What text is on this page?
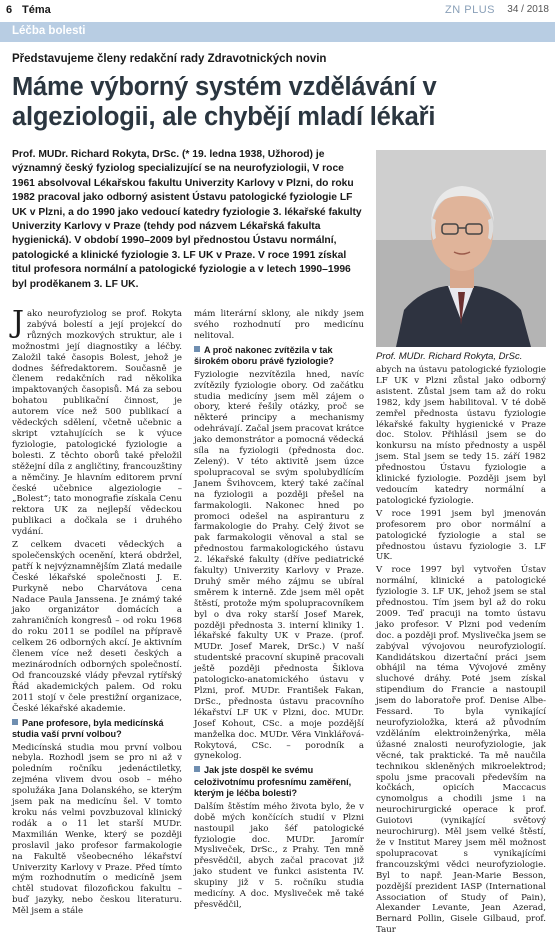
6 Téma	ZN PLUS 34 / 2018
Léčba bolesti
Představujeme členy redakční rady Zdravotnických novin
Máme výborný systém vzdělávání v algeziologii, ale chybějí mladí lékaři
Prof. MUDr. Richard Rokyta, DrSc. (* 19. ledna 1938, Užhorod) je významný český fyziolog specializující se na neurofyziologii, V roce 1961 absolvoval Lékařskou fakultu Univerzity Karlovy v Plzni, do roku 1982 pracoval jako odborný asistent Ústavu patologické fyziologie LF UK v Plzni, a do 1990 jako vedoucí katedry fyziologie 3. lékařské fakulty Univerzity Karlovy v Praze (tehdy pod názvem Lékařská fakulta hygienická). V období 1990–2009 byl přednostou Ústavu normální, patologické a klinické fyziologie 3. LF UK v Praze. V roce 1991 získal titul profesora normální a patologické fyziologie a v letech 1990–1996 byl proděkanem 3. LF UK.
Prof. MUDr. Richard Rokyta, DrSc.

Jako neurofyziolog se prof. Rokyta zabývá bolestí a její projekcí do různých mozkových struktur, ale i možnostmi její diagnostiky a léčby. Založil také časopis Bolest, jehož je dodnes šéfredaktorem. Současně je členem redakčních rad několika impaktovaných časopisů. Má za sebou bohatou publikační činnost, je autorem více než 500 publikací a vědeckých sdělení, včetně učebnic a skript vztahujících se k výuce fyziologie, patologické fyziologie a bolesti. Z těchto oborů také přeložil stěžejní díla z angličtiny, francouzštiny a němčiny. Je hlavním editorem první české učebnice algeziologie – „Bolest“; tato monografie získala Cenu rektora UK za nejlepší vědeckou publikaci a dočkala se i druhého vydání.

Z celkem dvaceti vědeckých a společenských ocenění, která obdržel, patří k nejvýznamnějším Zlatá medaile České lékařské společnosti J. E. Purkyně nebo Charvátova cena Nadace Paula Janssena. Je známý také jako organizátor domácích a zahraničních kongresů – od roku 1968 do roku 2011 se podílel na přípravě celkem 26 odborných akcí. Je aktivním členem více než deseti českých a mezinárodních odborných společností. Od francouzské vlády převzal rytířský Řád akademických palem. Od roku 2011 stojí v čele prestižní organizace, České lékařské akademie.

Pane profesore, byla medicínská studia vaší první volbou?

Medicínská studia mou první volbou nebyla. Rozhodl jsem se pro ni až v poledním ročníku jedenáctiletky, zejména vlivem dvou osob – mého spolužáka Jana Dolanského, se kterým jsem pak na medicínu šel. V tomto kroku nás velmi povzbuzoval klinický rodák a o 11 let starší MUDr. Maxmilián Wenke, který se později proslavil jako profesor farmakologie na Fakultě všeobecného lékařství Univerzity Karlovy v Praze. Před tímto mým rozhodnutím o medicíně jsem chtěl studovat filozofickou fakultu – buď jazyky, nebo českou literaturu. Měl jsem a stále

mám literární sklony, ale nikdy jsem svého rozhodnutí pro medicínu nelitoval.

A proč nakonec zvítězila v tak širokém oboru právě fyziologie?

Fyziologie nezvítězila hned, navíc zvítězily fyziologie obory. Od začátku studia medicíny jsem měl zájem o obory, které řešily otázky, proč se některé principy a mechanismy odehrávají. Začal jsem pracovat krátce jako demonstrátor a pomocná vědecká síla na fyziologii (přednosta doc. Zelený). V této aktivitě jsem úzce spolupracoval se svým spolubydlícím Janem Švihovcem, který také začínal na fyziologii a později přešel na farmakologii. Nakonec hned po promoci odešel na aspiranturu z farmakologie do Prahy. Celý život se pak farmakologii věnoval a stal se přednostou farmakologického ústavu 2. lékařské fakulty (dříve pediatrické fakulty) Univerzity Karlovy v Praze. Druhý směr mého zájmu se ubíral směrem k interně. Zde jsem měl opět štěstí, protože mým spolupracovníkem byl o dva roky starší Josef Marek, později přednosta 3. interní kliniky 1. lékařské fakulty UK v Praze. (prof. MUDr. Josef Marek, DrSc.) V naší studentské pracovní skupině pracovali ještě později přednosta Šiklova patologicko-anatomického ústavu v Plzni, prof. MUDr. František Fakan, DrSc., přednosta ústavu pracovního lékařství LF UK v Plzni, doc. MUDr. Josef Kohout, CSc. a moje pozdější manželka doc. MUDr. Věra Vinklářová-Rokytová, CSc. – porodník a gynekolog.

Jak jste dospěl ke svému celoživotnímu profesnímu zaměření, kterým je léčba bolesti?

Dalším štěstím mého života bylo, že v době mých končících studií v Plzni nastoupil jako šéf patologické fyziologie doc. MUDr. Jaromír Mysliveček, DrSc., z Prahy. Ten mně přesvědčil, abych začal pracovat již jako student ve funkci asistenta IV. skupiny již v 5. ročníku studia medicíny. A doc. Mysliveček mě také přesvědčil,

abych na ústavu patologické fyziologie LF UK v Plzni zůstal jako odborný asistent. Zůstal jsem tam až do roku 1982, kdy jsem habilitoval. V té době zemřel přednosta ústavu fyziologie lékařské fakulty hygienické v Praze doc. Stolov. Přihlásil jsem se do konkursu na místo přednosty a uspěl jsem. Stal jsem se tedy 15. září 1982 přednostou Ústavu fyziologie a klinické fyziologie. Později jsem byl vedoucím katedry normální a patologické fyziologie.

V roce 1991 jsem byl jmenován profesorem pro obor normální a patologické fyziologie a stal se přednostou ústavu fyziologie 3. LF UK.

V roce 1997 byl vytvořen Ústav normální, klinické a patologické fyziologie 3. LF UK, jehož jsem se stal přednostou. Tím jsem byl až do roku 2009. Teď pracuji na tomto ústavu jako profesor. V Plzni pod vedením doc. a později prof. Myslivečka jsem se zabýval vývojovou neurofyziologií. Kandidátskou dizertační práci jsem obhájil na téma Vývojové změny sluchové dráhy. Poté jsem získal stipendium do Francie a nastoupil jsem do laboratoře prof. Denise Albe-Fessard. To byla vynikající neurofyzioložka, která až původním vzděláním elektroinženýrka, měla úžasné znalosti neurofyziologie, jak věcné, tak praktické. Ta mě naučila technikou skleněných mikroelektrod; spolu jsme pracovali především na kočkách, opicích Maccacus cynomolgus a chodili jsme i na neurochirurgické operace k prof. Guiotovi (vynikající světový neurochirurg). Měl jsem velké štěstí, že v Institut Marey jsem měl možnost spolupracovat s vynikajícími francouzskými vědci neurofyziologie. Byl to např. Jean-Marie Besson, pozdější prezident IASP (International Association of Study of Pain), Alexander Levante, Jean Azerad, Bernard Pollin, Gisele Gilbaud, prof. Taur
